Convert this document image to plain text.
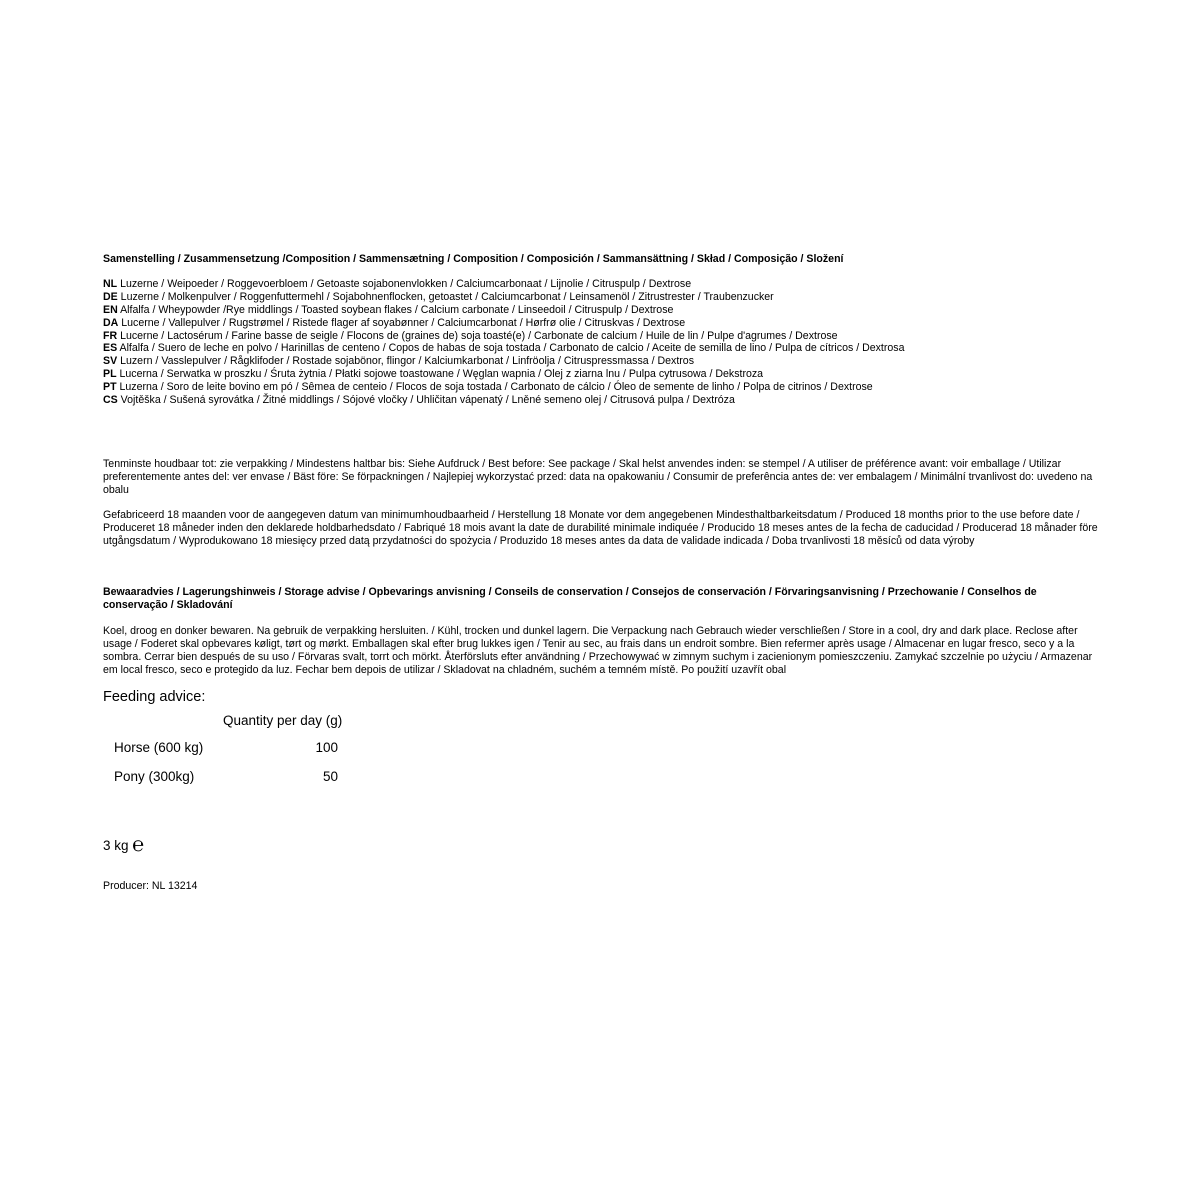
Samenstelling / Zusammensetzung /Composition / Sammensætning / Composition / Composición / Sammansättning / Skład / Composição / Složení

NL Luzerne / Weipoeder / Roggevoerbloem / Getoaste sojabonenvlokken / Calciumcarbonaat / Lijnolie / Citruspulp / Dextrose
DE Luzerne / Molkenpulver / Roggenfuttermehl / Sojabohnenflocken, getoastet / Calciumcarbonat / Leinsamenöl / Zitrustrester / Traubenzucker
EN Alfalfa / Wheypowder /Rye middlings / Toasted soybean flakes / Calcium carbonate / Linseedoil / Citruspulp / Dextrose
DA Lucerne / Vallepulver / Rugstrømel / Ristede flager af soyabønner / Calciumcarbonat / Hørfrø olie / Citruskvas / Dextrose
FR Lucerne / Lactosérum / Farine basse de seigle / Flocons de (graines de) soja toasté(e) / Carbonate de calcium / Huile de lin / Pulpe d'agrumes / Dextrose
ES Alfalfa / Suero de leche en polvo / Harinillas de centeno / Copos de habas de soja tostada / Carbonato de calcio / Aceite de semilla de lino / Pulpa de cítricos / Dextrosa
SV Luzern / Vasslepulver / Rågklifoder / Rostade sojabönor, flingor / Kalciumkarbonat / Linfröolja / Citruspressmassa / Dextros
PL Lucerna / Serwatka w proszku / Śruta żytnia / Płatki sojowe toastowane / Węglan wapnia / Olej z ziarna lnu / Pulpa cytrusowa / Dekstroza
PT Luzerna / Soro de leite bovino em pó / Sêmea de centeio / Flocos de soja tostada / Carbonato de cálcio / Óleo de semente de linho / Polpa de citrinos / Dextrose
CS Vojtěška / Sušená syrovátka / Žitné middlings / Sójové vločky / Uhličitan vápenatý / Lněné semeno olej / Citrusová pulpa / Dextróza

Tenminste houdbaar tot: zie verpakking / Mindestens haltbar bis: Siehe Aufdruck / Best before: See package / Skal helst anvendes inden: se stempel / A utiliser de préférence avant: voir emballage / Utilizar preferentemente antes del: ver envase / Bäst före: Se förpackningen / Najlepiej wykorzystać przed: data na opakowaniu / Consumir de preferência antes de: ver embalagem / Minimální trvanlivost do: uvedeno na obalu

Gefabriceerd 18 maanden voor de aangegeven datum van minimumhoudbaarheid / Herstellung 18 Monate vor dem angegebenen Mindesthaltbarkeitsdatum / Produced 18 months prior to the use before date / Produceret 18 måneder inden den deklarede holdbarhedsdato / Fabriqué 18 mois avant la date de durabilité minimale indiquée / Producido 18 meses antes de la fecha de caducidad / Producerad 18 månader före utgångsdatum / Wyprodukowano 18 miesięcy przed datą przydatności do spożycia / Produzido 18 meses antes da data de validade indicada / Doba trvanlivosti 18 měsíců od data výroby

Bewaaradvies / Lagerungshinweis / Storage advise / Opbevarings anvisning / Conseils de conservation / Consejos de conservación / Förvaringsanvisning / Przechowanie / Conselhos de conservação / Skladování

Koel, droog en donker bewaren. Na gebruik de verpakking hersluiten. / Kühl, trocken und dunkel lagern. Die Verpackung nach Gebrauch wieder verschließen / Store in a cool, dry and dark place. Reclose after usage / Foderet skal opbevares køligt, tørt og mørkt. Emballagen skal efter brug lukkes igen / Tenir au sec, au frais dans un endroit sombre. Bien refermer après usage / Almacenar en lugar fresco, seco y a la sombra. Cerrar bien después de su uso / Förvaras svalt, torrt och mörkt. Återförsluts efter användning / Przechowywać w zimnym suchym i zacienionym pomieszczeniu. Zamykać szczelnie po użyciu / Armazenar em local fresco, seco e protegido da luz. Fechar bem depois de utilizar / Skladovat na chladném, suchém a temném místě. Po použití uzavřít obal

Feeding advice:

Quantity per day (g)
Horse (600 kg)	100
Pony (300kg)	50
3 kg ℮

Producer: NL 13214
